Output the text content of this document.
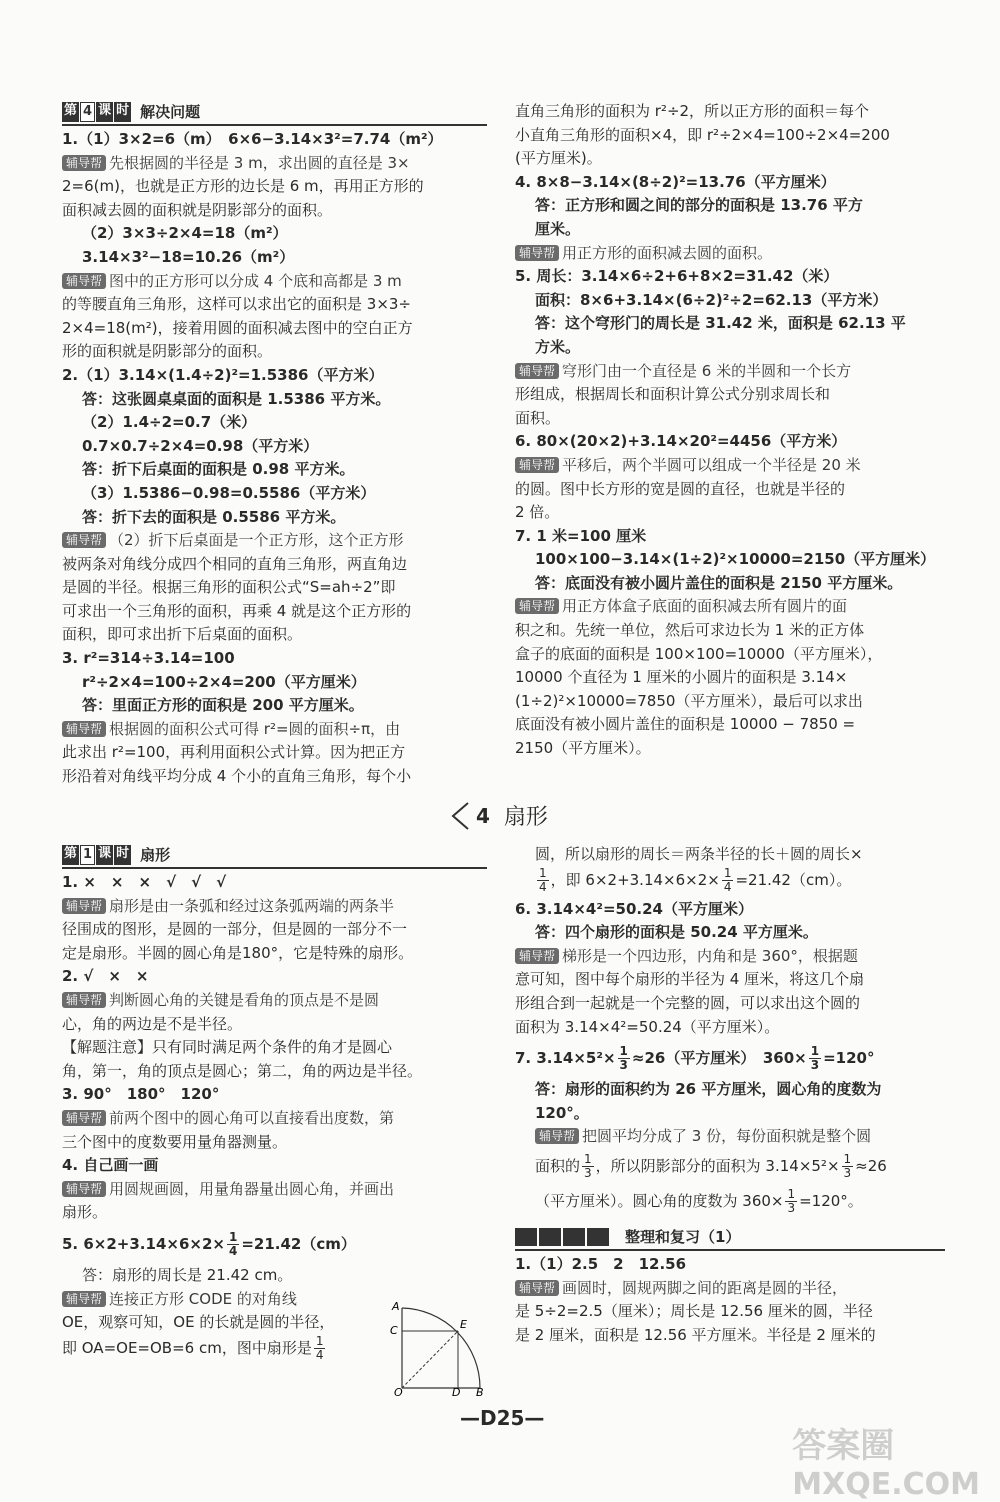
第 4 课 时 解决问题

1.（1）3×2=6（m）　6×6−3.14×3²=7.74（m²）

辅导帮 先根据圆的半径是 3 m，求出圆的直径是 3×

2=6(m)，也就是正方形的边长是 6 m，再用正方形的

面积减去圆的面积就是阴影部分的面积。

（2）3×3÷2×4=18（m²）

3.14×3²−18=10.26（m²）

辅导帮 图中的正方形可以分成 4 个底和高都是 3 m

的等腰直角三角形，这样可以求出它的面积是 3×3÷

2×4=18(m²)，接着用圆的面积减去图中的空白正方

形的面积就是阴影部分的面积。

2.（1）3.14×(1.4÷2)²=1.5386（平方米）

答：这张圆桌桌面的面积是 1.5386 平方米。

（2）1.4÷2=0.7（米）

0.7×0.7÷2×4=0.98（平方米）

答：折下后桌面的面积是 0.98 平方米。

（3）1.5386−0.98=0.5586（平方米）

答：折下去的面积是 0.5586 平方米。

辅导帮 （2）折下后桌面是一个正方形，这个正方形

被两条对角线分成四个相同的直角三角形，两直角边

是圆的半径。根据三角形的面积公式“S=ah÷2”即

可求出一个三角形的面积，再乘 4 就是这个正方形的

面积，即可求出折下后桌面的面积。

3. r²=314÷3.14=100

r²÷2×4=100÷2×4=200（平方厘米）

答：里面正方形的面积是 200 平方厘米。

辅导帮 根据圆的面积公式可得 r²=圆的面积÷π，由

此求出 r²=100，再利用面积公式计算。因为把正方

形沿着对角线平均分成 4 个小的直角三角形，每个小

直角三角形的面积为 r²÷2，所以正方形的面积＝每个

小直角三角形的面积×4，即 r²÷2×4=100÷2×4=200

(平方厘米)。

4. 8×8−3.14×(8÷2)²=13.76（平方厘米）

答：正方形和圆之间的部分的面积是 13.76 平方

厘米。

辅导帮 用正方形的面积减去圆的面积。

5. 周长：3.14×6÷2+6+8×2=31.42（米）

面积：8×6+3.14×(6÷2)²÷2=62.13（平方米）

答：这个穹形门的周长是 31.42 米，面积是 62.13 平

方米。

辅导帮 穹形门由一个直径是 6 米的半圆和一个长方

形组成，根据周长和面积计算公式分别求周长和

面积。

6. 80×(20×2)+3.14×20²=4456（平方米）

辅导帮 平移后，两个半圆可以组成一个半径是 20 米

的圆。图中长方形的宽是圆的直径，也就是半径的

2 倍。

7. 1 米=100 厘米

100×100−3.14×(1÷2)²×10000=2150（平方厘米）

答：底面没有被小圆片盖住的面积是 2150 平方厘米。

辅导帮 用正方体盒子底面的面积减去所有圆片的面

积之和。先统一单位，然后可求边长为 1 米的正方体

盒子的底面的面积是 100×100=10000（平方厘米），

10000 个直径为 1 厘米的小圆片的面积是 3.14×

(1÷2)²×10000=7850（平方厘米），最后可以求出

底面没有被小圆片盖住的面积是 10000 − 7850 =

2150（平方厘米）。

4 扇形
第 1 课 时 扇形

1. ×　×　×　√　√　√

辅导帮 扇形是由一条弧和经过这条弧两端的两条半

径围成的图形，是圆的一部分，但是圆的一部分不一

定是扇形。半圆的圆心角是180°，它是特殊的扇形。

2. √　×　×

辅导帮 判断圆心角的关键是看角的顶点是不是圆

心，角的两边是不是半径。

【解题注意】只有同时满足两个条件的角才是圆心

角，第一，角的顶点是圆心；第二，角的两边是半径。

3. 90°　180°　120°

辅导帮 前两个图中的圆心角可以直接看出度数，第

三个图中的度数要用量角器测量。

4. 自己画一画

辅导帮 用圆规画圆，用量角器量出圆心角，并画出

扇形。

5. $6\times 2+3.14\times 6\times 2\times \frac{1}{4} =21.42(cm)$

答：扇形的周长是 21.42 cm。

辅导帮 连接正方形 CODE 的对角线

OE，观察可知，OE 的长就是圆的半径，

即 OA=OE=OB=6 cm，图中扇形是 $\frac{1}{4}$

A
C	E
O	D B

圆，所以扇形的周长＝两条半径的长＋圆的周长×

$\frac{1}{4}$ ，即 $6\times 2+3.14\times 6\times 2\times \frac{1}{4} =21.42(cm)$。

6. 3.14×4²=50.24（平方厘米）

答：四个扇形的面积是 50.24 平方厘米。

辅导帮 梯形是一个四边形，内角和是 360°，根据题

意可知，图中每个扇形的半径为 4 厘米，将这几个扇

形组合到一起就是一个完整的圆，可以求出这个圆的

面积为 3.14×4²=50.24（平方厘米）。

7. $3.14\times 5^2\times \frac{1}{3} \approx 26$（平方厘米）　$360\times \frac{1}{3} =120^\circ$

答：扇形的面积约为 26 平方厘米，圆心角的度数为

120°。

辅导帮 把圆平均分成了 3 份，每份面积就是整个圆

面积的 $\frac{1}{3}$ ，所以阴影部分的面积为 $3.14\times 5^2\times \frac{1}{3} \approx 26$

（平方厘米）。圆心角的度数为 $360\times \frac{1}{3} =120^\circ$。

整理和复习（1）

1.（1）2.5　2　12.56

辅导帮 画圆时，圆规两脚之间的距离是圆的半径，

是 5÷2=2.5（厘米）；周长是 12.56 厘米的圆，半径

是 2 厘米，面积是 12.56 平方厘米。半径是 2 厘米的

—D25—
答案圈
MXQE.COM
